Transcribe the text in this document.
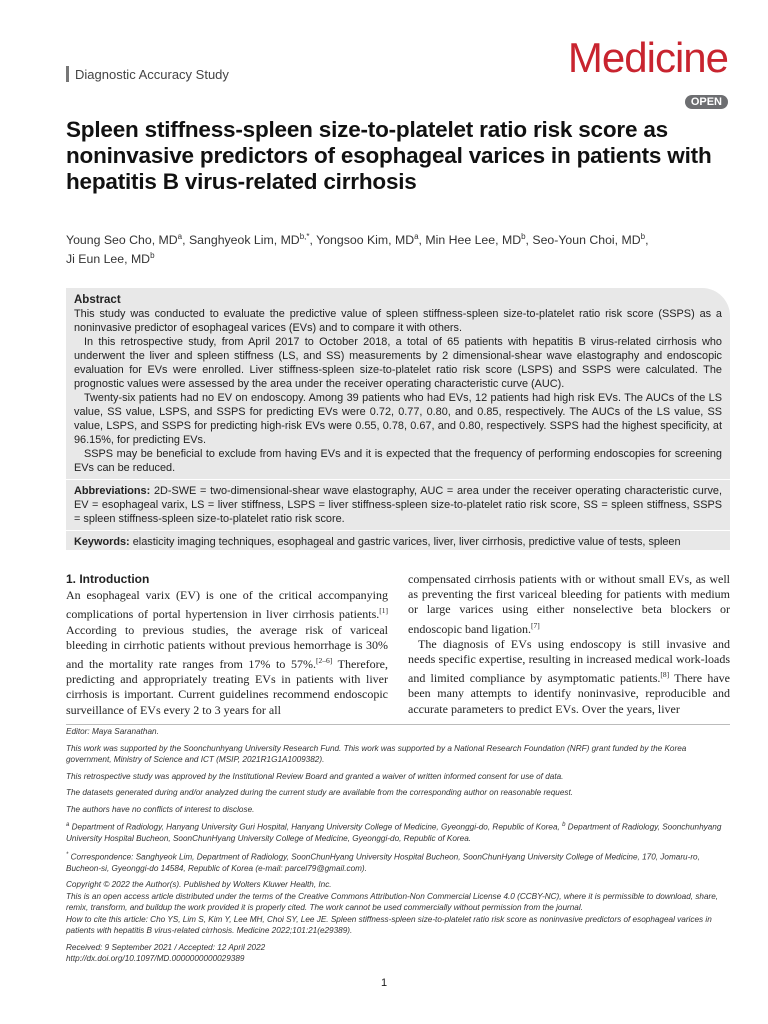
Diagnostic Accuracy Study	Medicine
OPEN
Spleen stiffness-spleen size-to-platelet ratio risk score as noninvasive predictors of esophageal varices in patients with hepatitis B virus-related cirrhosis
Young Seo Cho, $MD^a$, Sanghyeok Lim, $MD^{b,*}$, Yongsoo Kim, $MD^a$, Min Hee Lee, $MD^b$, Seo-Youn Choi, $MD^b$,
Ji Eun Lee, $MD^b$
Abstract

This study was conducted to evaluate the predictive value of spleen stiffness-spleen size-to-platelet ratio risk score (SSPS) as a noninvasive predictor of esophageal varices (EVs) and to compare it with others.

In this retrospective study, from April 2017 to October 2018, a total of 65 patients with hepatitis B virus-related cirrhosis who underwent the liver and spleen stiffness (LS, and SS) measurements by 2 dimensional-shear wave elastography and endoscopic evaluation for EVs were enrolled. Liver stiffness-spleen size-to-platelet ratio risk score (LSPS) and SSPS were calculated. The prognostic values were assessed by the area under the receiver operating characteristic curve (AUC).

Twenty-six patients had no EV on endoscopy. Among 39 patients who had EVs, 12 patients had high risk EVs. The AUCs of the LS value, SS value, LSPS, and SSPS for predicting EVs were 0.72, 0.77, 0.80, and 0.85, respectively. The AUCs of the LS value, SS value, LSPS, and SSPS for predicting high-risk EVs were 0.55, 0.78, 0.67, and 0.80, respectively. SSPS had the highest specificity, at 96.15%, for predicting EVs.

SSPS may be beneficial to exclude from having EVs and it is expected that the frequency of performing endoscopies for screening EVs can be reduced.

Abbreviations: 2D-SWE = two-dimensional-shear wave elastography, AUC = area under the receiver operating characteristic curve, EV = esophageal varix, LS = liver stiffness, LSPS = liver stiffness-spleen size-to-platelet ratio risk score, SS = spleen stiffness, SSPS = spleen stiffness-spleen size-to-platelet ratio risk score.

Keywords: elasticity imaging techniques, esophageal and gastric varices, liver, liver cirrhosis, predictive value of tests, spleen

1. Introduction

An esophageal varix (EV) is one of the critical accompanying complications of portal hypertension in liver cirrhosis patients.[1] According to previous studies, the average risk of variceal bleeding in cirrhotic patients without previous hemorrhage is 30% and the mortality rate ranges from 17% to 57%.[2–6] Therefore, predicting and appropriately treating EVs in patients with liver cirrhosis is important. Current guidelines recommend endoscopic surveillance of EVs every 2 to 3 years for all

compensated cirrhosis patients with or without small EVs, as well as preventing the first variceal bleeding for patients with medium or large varices using either nonselective beta blockers or endoscopic band ligation.[7]

The diagnosis of EVs using endoscopy is still invasive and needs specific expertise, resulting in increased medical work-loads and limited compliance by asymptomatic patients.[8] There have been many attempts to identify noninvasive, reproducible and accurate parameters to predict EVs. Over the years, liver

Editor: Maya Saranathan.

This work was supported by the Soonchunhyang University Research Fund. This work was supported by a National Research Foundation (NRF) grant funded by the Korea government, Ministry of Science and ICT (MSIP, 2021R1G1A1009382).

This retrospective study was approved by the Institutional Review Board and granted a waiver of written informed consent for use of data.

The datasets generated during and/or analyzed during the current study are available from the corresponding author on reasonable request.

The authors have no conflicts of interest to disclose.

$^a$ Department of Radiology, Hanyang University Guri Hospital, Hanyang University College of Medicine, Gyeonggi-do, Republic of Korea, $^b$ Department of Radiology, Soonchunhyang University Hospital Bucheon, SoonChunHyang University College of Medicine, Gyeonggi-do, Republic of Korea.

* Correspondence: Sanghyeok Lim, Department of Radiology, SoonChunHyang University Hospital Bucheon, SoonChunHyang University College of Medicine, 170, Jomaru-ro, Bucheon-si, Gyeonggi-do 14584, Republic of Korea (e-mail: parcel79@gmail.com).

Copyright © 2022 the Author(s). Published by Wolters Kluwer Health, Inc.

This is an open access article distributed under the terms of the Creative Commons Attribution-Non Commercial License 4.0 (CCBY-NC), where it is permissible to download, share, remix, transform, and buildup the work provided it is properly cited. The work cannot be used commercially without permission from the journal.

How to cite this article: Cho YS, Lim S, Kim Y, Lee MH, Choi SY, Lee JE. Spleen stiffness-spleen size-to-platelet ratio risk score as noninvasive predictors of esophageal varices in patients with hepatitis B virus-related cirrhosis. Medicine 2022;101:21(e29389).

Received: 9 September 2021 / Accepted: 12 April 2022

http://dx.doi.org/10.1097/MD.0000000000029389

1
